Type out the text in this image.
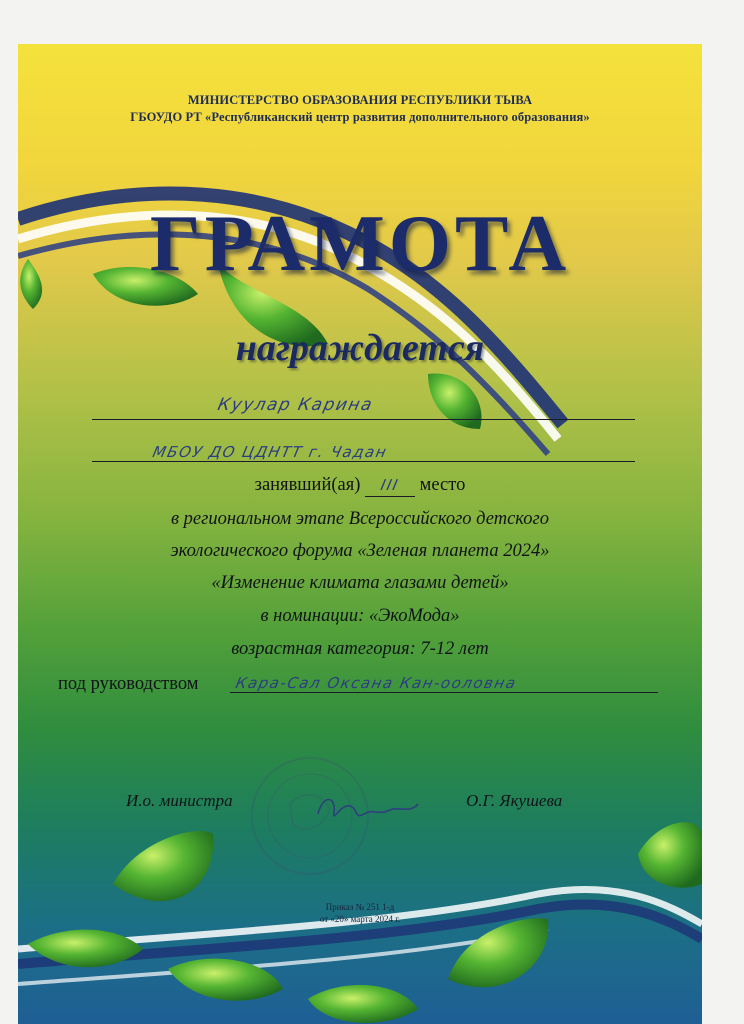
МИНИСТЕРСТВО ОБРАЗОВАНИЯ РЕСПУБЛИКИ ТЫВА
ГБОУДО РТ «Республиканский центр развития дополнительного образования»
ГРАМОТА
награждается
Куулар Карина
МБОУ ДО ЦДНТТ г. Чадан
занявший(ая) III место
в региональном этапе Всероссийского детского
экологического форума «Зеленая планета 2024»
«Изменение климата глазами детей»
в номинации: «ЭкоМода»
возрастная категория: 7-12 лет
под руководством Кара-Сал Оксана Кан-ооловна
И.о. министра	О.Г. Якушева
Приказ № 251 1-д
от «20» марта 2024 г.
